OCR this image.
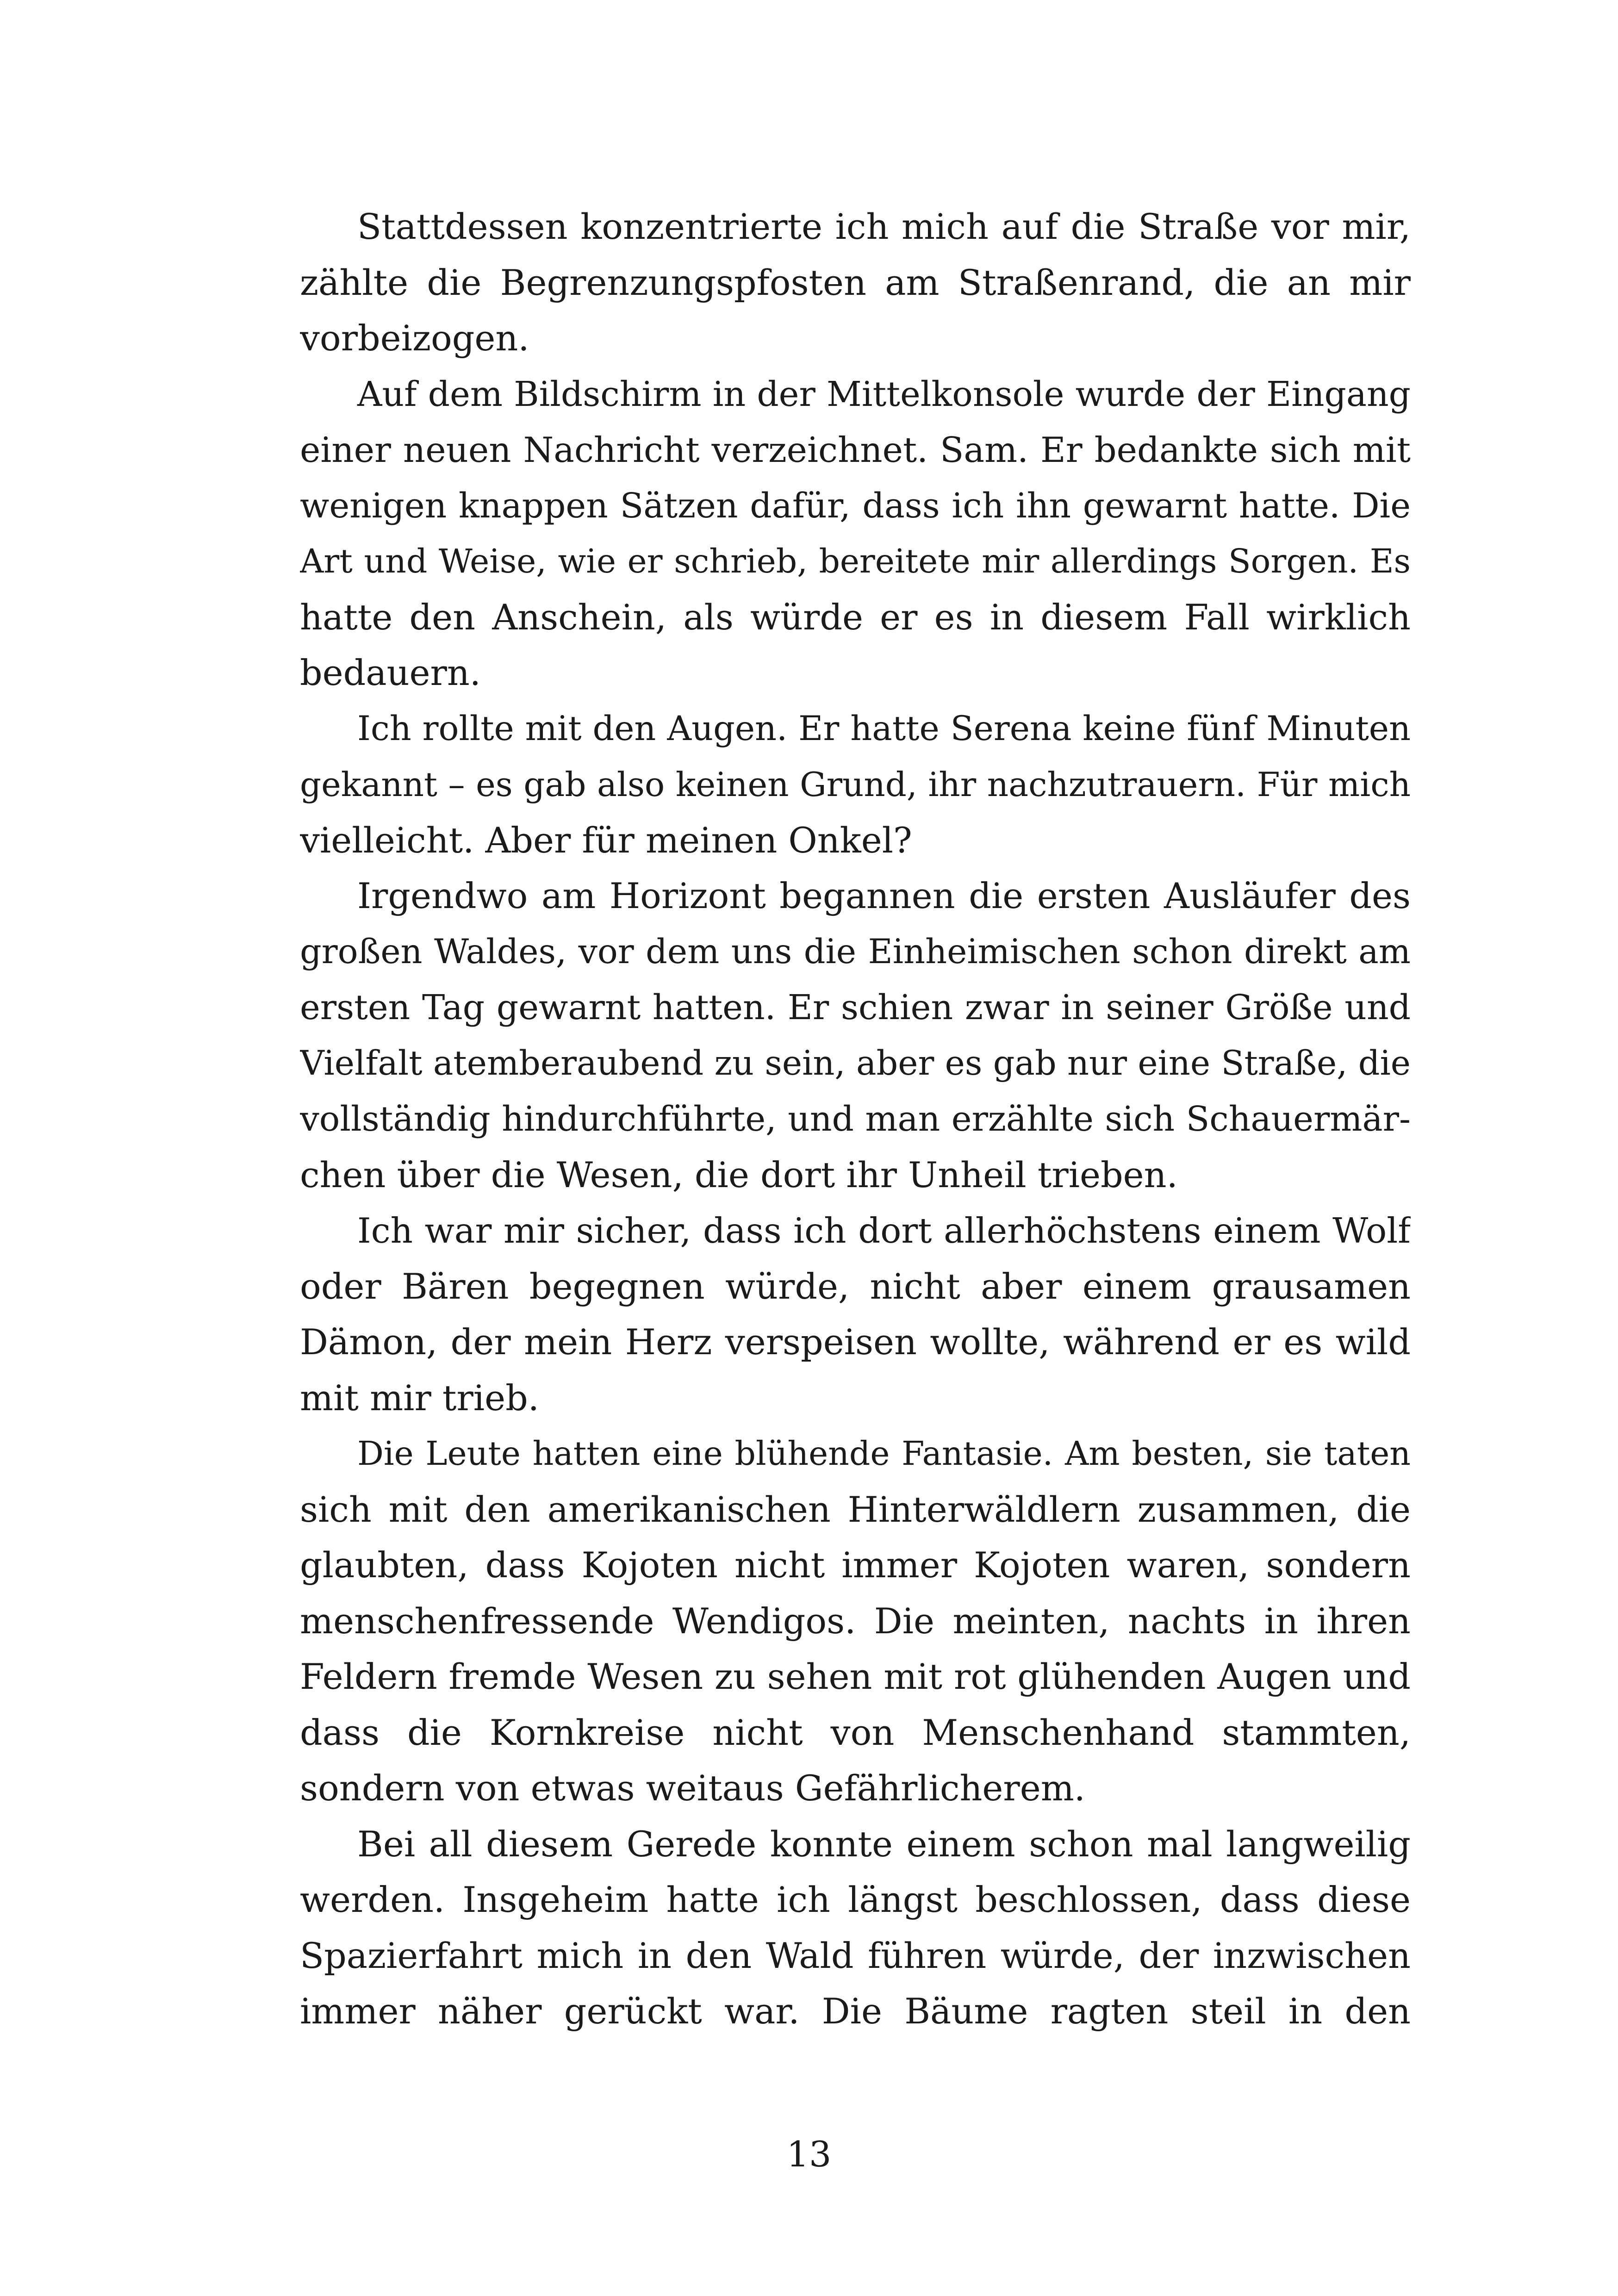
Stattdessen konzentrierte ich mich auf die Straße vor mir,
zählte die Begrenzungspfosten am Straßenrand, die an mir
vorbeizogen.
Auf dem Bildschirm in der Mittelkonsole wurde der Eingang
einer neuen Nachricht verzeichnet. Sam. Er bedankte sich mit
wenigen knappen Sätzen dafür, dass ich ihn gewarnt hatte. Die
Art und Weise, wie er schrieb, bereitete mir allerdings Sorgen. Es
hatte den Anschein, als würde er es in diesem Fall wirklich
bedauern.
Ich rollte mit den Augen. Er hatte Serena keine fünf Minuten
gekannt – es gab also keinen Grund, ihr nachzutrauern. Für mich
vielleicht. Aber für meinen Onkel?
Irgendwo am Horizont begannen die ersten Ausläufer des
großen Waldes, vor dem uns die Einheimischen schon direkt am
ersten Tag gewarnt hatten. Er schien zwar in seiner Größe und
Vielfalt atemberaubend zu sein, aber es gab nur eine Straße, die
vollständig hindurchführte, und man erzählte sich Schauermär-
chen über die Wesen, die dort ihr Unheil trieben.
Ich war mir sicher, dass ich dort allerhöchstens einem Wolf
oder Bären begegnen würde, nicht aber einem grausamen
Dämon, der mein Herz verspeisen wollte, während er es wild
mit mir trieb.
Die Leute hatten eine blühende Fantasie. Am besten, sie taten
sich mit den amerikanischen Hinterwäldlern zusammen, die
glaubten, dass Kojoten nicht immer Kojoten waren, sondern
menschenfressende Wendigos. Die meinten, nachts in ihren
Feldern fremde Wesen zu sehen mit rot glühenden Augen und
dass die Kornkreise nicht von Menschenhand stammten,
sondern von etwas weitaus Gefährlicherem.
Bei all diesem Gerede konnte einem schon mal langweilig
werden. Insgeheim hatte ich längst beschlossen, dass diese
Spazierfahrt mich in den Wald führen würde, der inzwischen
immer näher gerückt war. Die Bäume ragten steil in den
13
